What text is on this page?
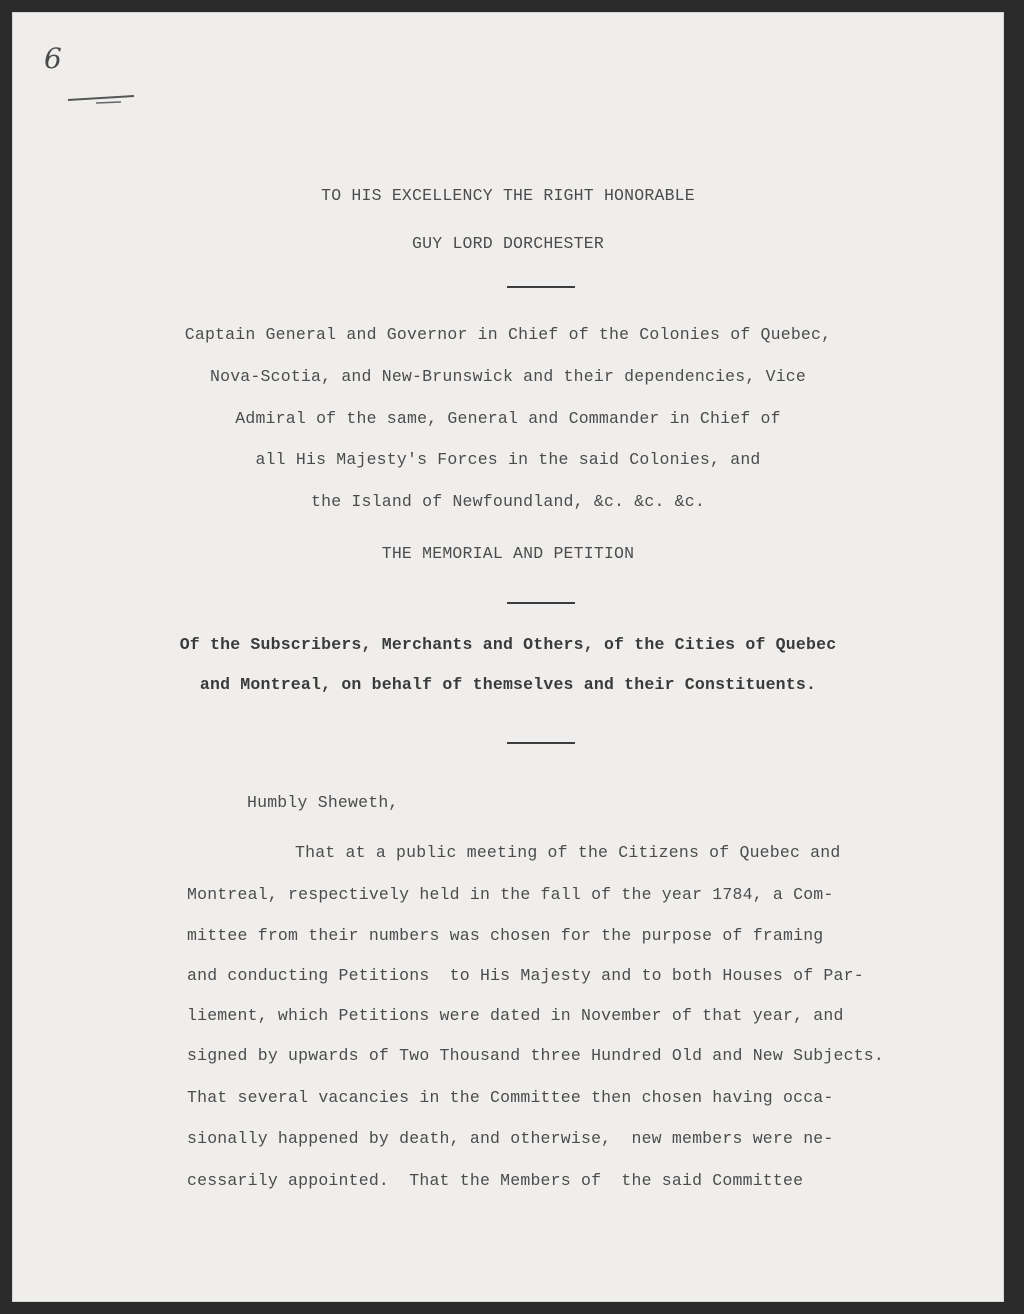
6

TO HIS EXCELLENCY THE RIGHT HONORABLE

GUY LORD DORCHESTER

Captain General and Governor in Chief of the Colonies of Quebec,

Nova-Scotia, and New-Brunswick and their dependencies, Vice

Admiral of the same, General and Commander in Chief of

all His Majesty's Forces in the said Colonies, and

the Island of Newfoundland, &c. &c. &c.

THE MEMORIAL AND PETITION

Of the Subscribers, Merchants and Others, of the Cities of Quebec

and Montreal, on behalf of themselves and their Constituents.

Humbly Sheweth,

That at a public meeting of the Citizens of Quebec and

Montreal, respectively held in the fall of the year 1784, a Com-

mittee from their numbers was chosen for the purpose of framing

and conducting Petitions  to His Majesty and to both Houses of Par-

liement, which Petitions were dated in November of that year, and

signed by upwards of Two Thousand three Hundred Old and New Subjects.

That several vacancies in the Committee then chosen having occa-

sionally happened by death, and otherwise,  new members were ne-

cessarily appointed.  That the Members of  the said Committee
